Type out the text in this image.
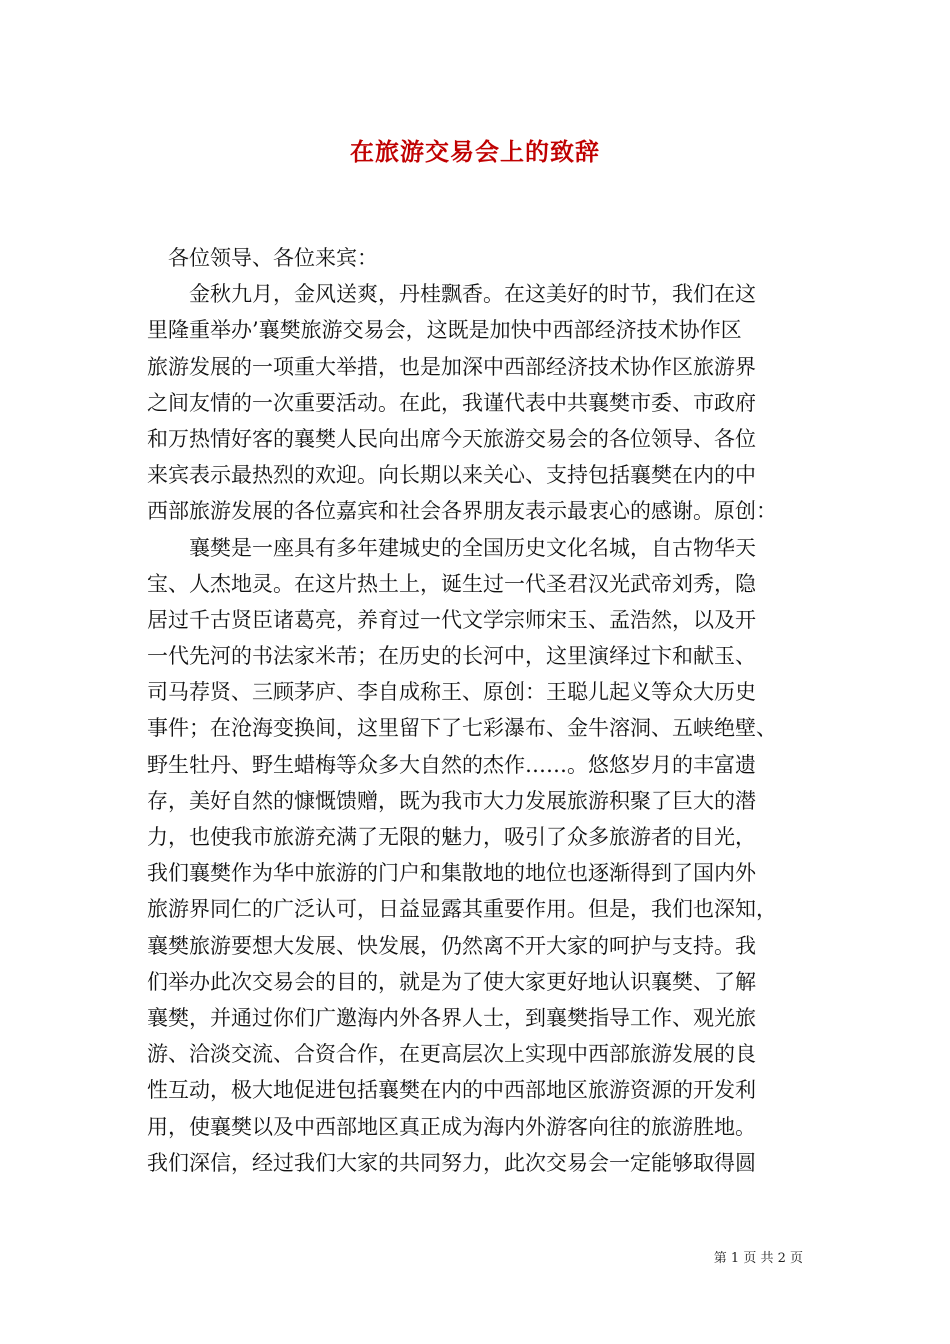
在旅游交易会上的致辞
　各位领导、各位来宾：
　　金秋九月，金风送爽，丹桂飘香。在这美好的时节，我们在这
里隆重举办’襄樊旅游交易会，这既是加快中西部经济技术协作区
旅游发展的一项重大举措，也是加深中西部经济技术协作区旅游界
之间友情的一次重要活动。在此，我谨代表中共襄樊市委、市政府
和万热情好客的襄樊人民向出席今天旅游交易会的各位领导、各位
来宾表示最热烈的欢迎。向长期以来关心、支持包括襄樊在内的中
西部旅游发展的各位嘉宾和社会各界朋友表示最衷心的感谢。原创：
　　襄樊是一座具有多年建城史的全国历史文化名城，自古物华天
宝、人杰地灵。在这片热土上，诞生过一代圣君汉光武帝刘秀，隐
居过千古贤臣诸葛亮，养育过一代文学宗师宋玉、孟浩然，以及开
一代先河的书法家米芾；在历史的长河中，这里演绎过卞和献玉、
司马荐贤、三顾茅庐、李自成称王、原创：王聪儿起义等众大历史
事件；在沧海变换间，这里留下了七彩瀑布、金牛溶洞、五峡绝壁、
野生牡丹、野生蜡梅等众多大自然的杰作……。悠悠岁月的丰富遗
存，美好自然的慷慨馈赠，既为我市大力发展旅游积聚了巨大的潜
力，也使我市旅游充满了无限的魅力，吸引了众多旅游者的目光，
我们襄樊作为华中旅游的门户和集散地的地位也逐渐得到了国内外
旅游界同仁的广泛认可，日益显露其重要作用。但是，我们也深知，
襄樊旅游要想大发展、快发展，仍然离不开大家的呵护与支持。我
们举办此次交易会的目的，就是为了使大家更好地认识襄樊、了解
襄樊，并通过你们广邀海内外各界人士，到襄樊指导工作、观光旅
游、洽淡交流、合资合作，在更高层次上实现中西部旅游发展的良
性互动，极大地促进包括襄樊在内的中西部地区旅游资源的开发利
用，使襄樊以及中西部地区真正成为海内外游客向往的旅游胜地。
我们深信，经过我们大家的共同努力，此次交易会一定能够取得圆
第 1 页 共 2 页
